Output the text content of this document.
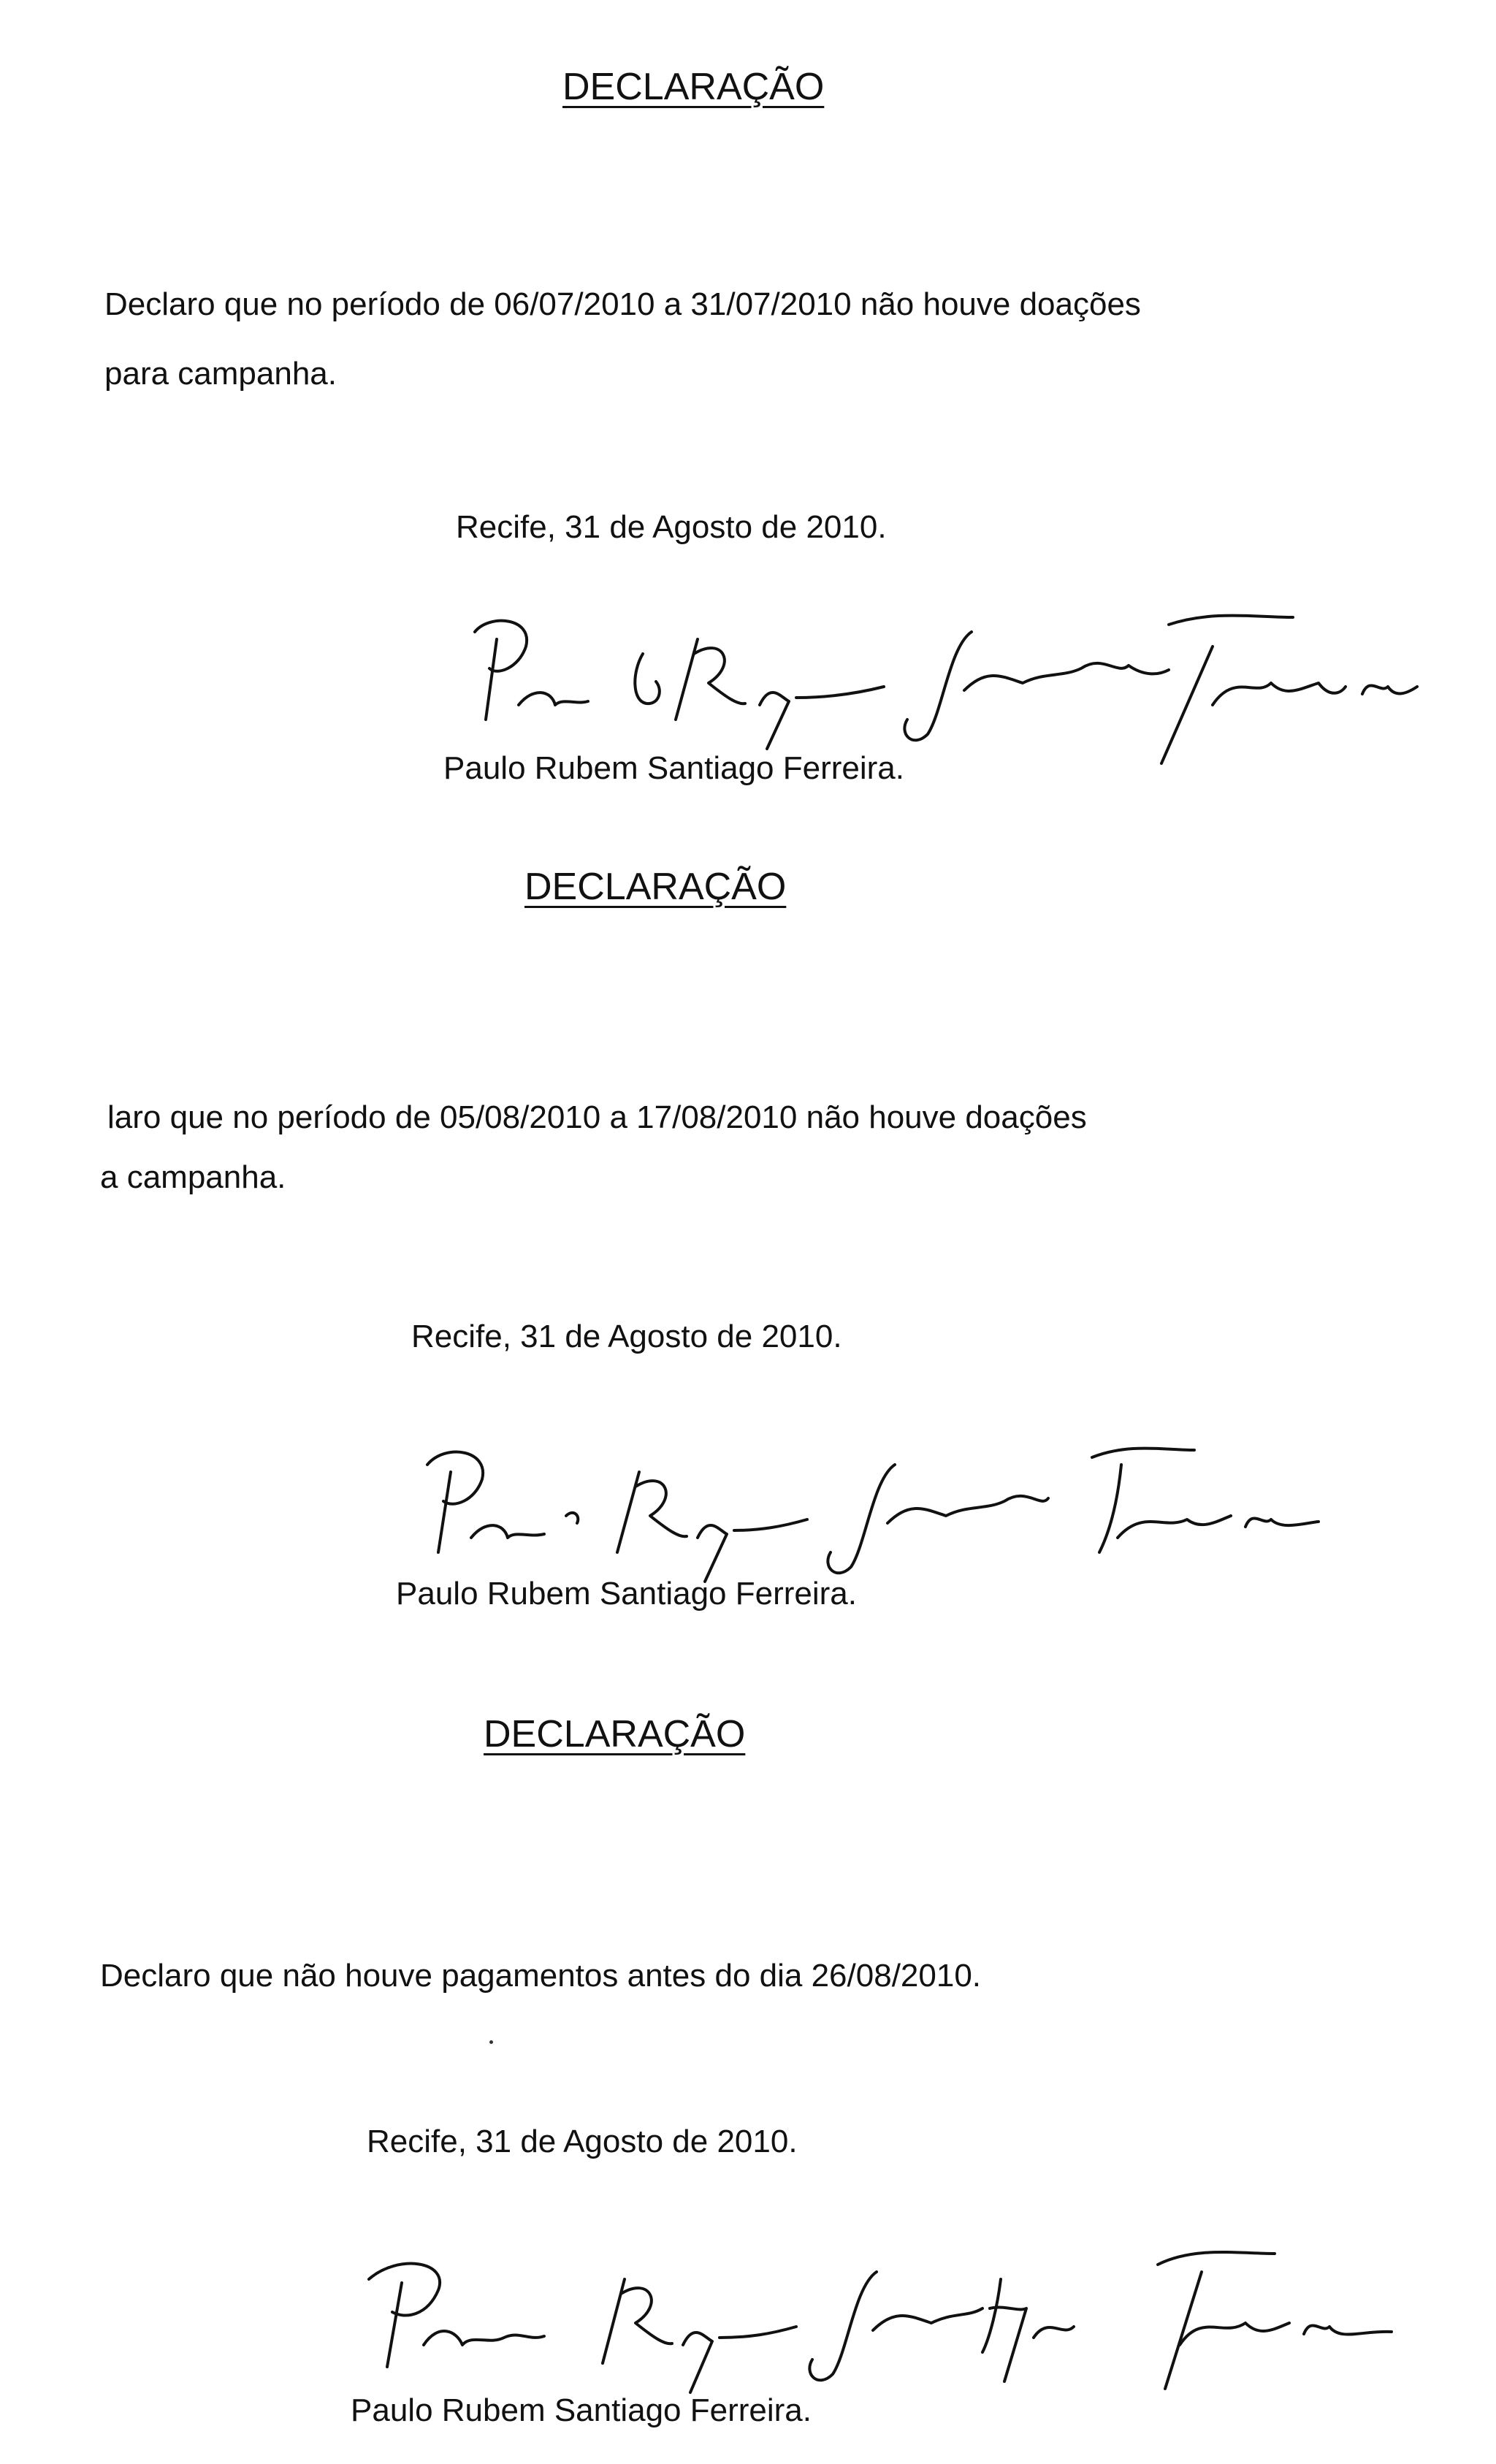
DECLARAÇÃO
Declaro que no período de 06/07/2010 a 31/07/2010 não houve doações
para campanha.
Recife, 31 de Agosto de 2010.
Paulo Rubem Santiago Ferreira.
DECLARAÇÃO
laro que no período de 05/08/2010 a 17/08/2010 não houve doações
a campanha.
Recife, 31 de Agosto de 2010.
Paulo Rubem Santiago Ferreira.
DECLARAÇÃO
Declaro que não houve pagamentos antes do dia 26/08/2010.
Recife, 31 de Agosto de 2010.
Paulo Rubem Santiago Ferreira.
